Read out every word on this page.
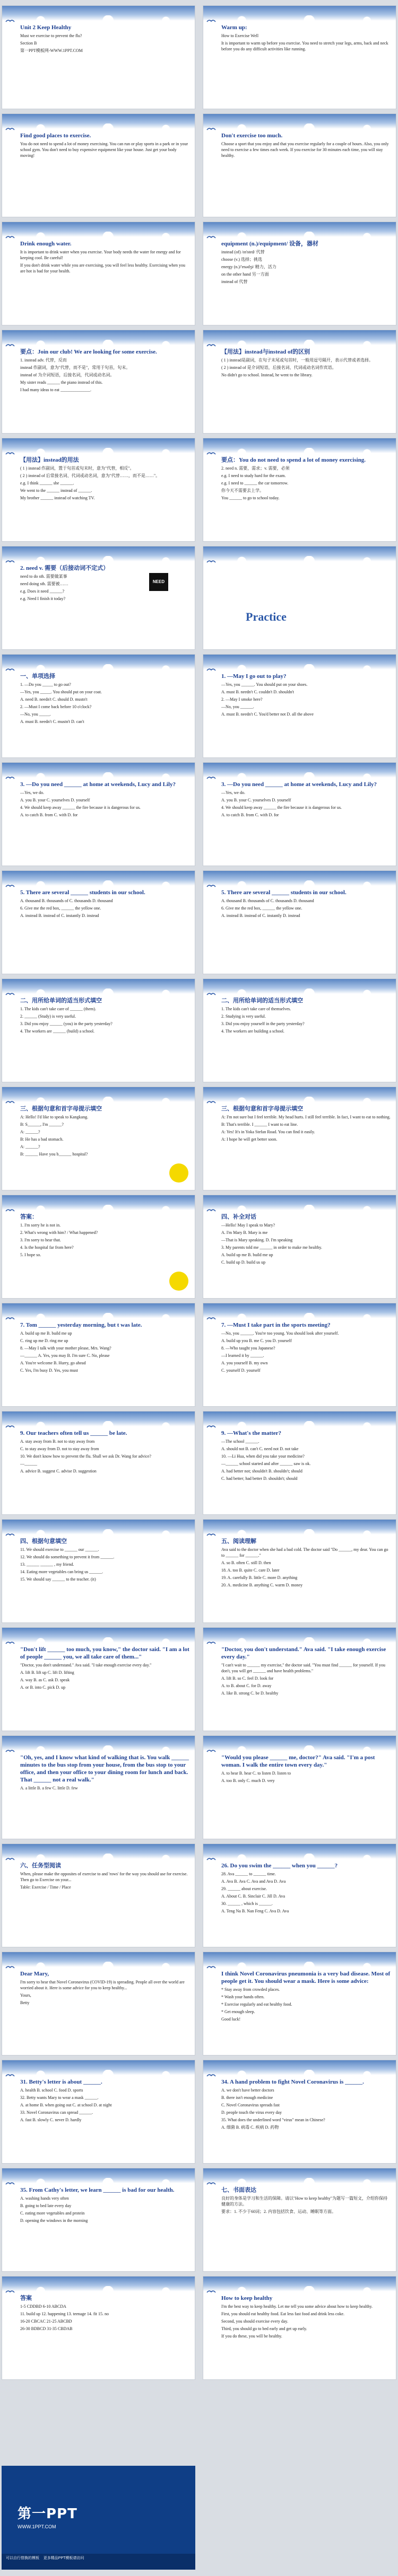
Unit 2 Keep Healthy

Must we exercise to prevent the flu?

Section B

第一PPT模板网-WWW.1PPT.COM

Warm up:

How to Exercise Well

It is important to warm up before you exercise. You need to stretch your legs, arms, back and neck before you do any difficult activities like running.

Find good places to exercise.

You do not need to spend a lot of money exercising. You can run or play sports in a park or in your school gym. You don't need to buy expensive equipment like your house. Just get your body moving!

Don't exercise too much.

Choose a sport that you enjoy and that you exercise regularly for a couple of hours. Also, you only need to exercise a few times each week. If you exercise for 30 minutes each time, you will stay healthy.

Drink enough water.

It is important to drink water when you exercise. Your body needs the water for energy and for keeping cool. Be careful!

If you don't drink water while you are exercising, you will feel less healthy. Exercising when you are hot is bad for your health.

equipment (n.)/equipment/ 设备，器材

instead (of) /ɪn'sted/ 代替

choose (v.) 选择；挑选

energy (n.)/'enədʒi/ 精力，活力

on the other hand 另一方面

instead of 代替

要点：Join our club! We are looking for some exercise.

1. instead adv. 代替，反而

instead 作副词，意为"代替，而不是"，常用于句首，句末。

instead of 为介词短语，后接名词，代词或动名词。

My sister reads ______ the piano instead of this.

I had many ideas to eat ______________.

【用法】instead与instead of的区别

( 1 ) instead是副词，在句子末尾或句首时，一般用逗号隔开，表示代替或者选择。

( 2 ) instead of 是介词短语，后接名词、代词或动名词作宾语。

No didn't go to school. Instead, he went to the library.

【用法】instead的用法

( 1 ) instead 作副词，置于句首或句末时，意为"代替，相反"。

( 2 ) instead of 后常接名词、代词或动名词，意为"代替……，而不是……"。

e.g. I think ______ she ______.

We went to the ______ instead of ______.

My brother ______ instead of watching TV.

要点：You do not need to spend a lot of money exercising.

2. need n. 需要，需求；v. 需要，必须

e.g. I need to study hard for the exam.

e.g. I need to ______ the car tomorrow.

你今天不需要去上学。

You ______ to go to school today.

2. need v. 需要（后接动词不定式）

need to do sth. 需要做某事

need doing sth. 需要被……

e.g. Does it need ______?

e.g. Need I finish it today?

NEED
Practice

一、单项选择

1. —Do you _____ to go out?

—Yes, you _____. You should put on your coat.

A. need B. needn't C. should D. mustn't

2. —Must I come back before 10 o'clock?

—No, you _____.

A. must B. needn't C. mustn't D. can't

1. —May I go out to play?

—Yes, you ______. You should put on your shoes.

A. must B. needn't C. couldn't D. shouldn't

2. —May I smoke here?

—No, you ______.

A. must B. needn't C. You'd better not D. all the above

3. —Do you need ______ at home at weekends, Lucy and Lily?

—Yes, we do.

A. you B. your C. yourselves D. yourself

4. We should keep away ______ the fire because it is dangerous for us.

A. to catch B. from C. with D. for

3. —Do you need ______ at home at weekends, Lucy and Lily?

—Yes, we do.

A. you B. your C. yourselves D. yourself

4. We should keep away ______ the fire because it is dangerous for us.

A. to catch B. from C. with D. for

5. There are several ______ students in our school.

A. thousand B. thousands of C. thousands D. thousand

6. Give me the red box, ______ the yellow one.

A. instead B. instead of C. instantly D. instead

5. There are several ______ students in our school.

A. thousand B. thousands of C. thousands D. thousand

6. Give me the red box, ______ the yellow one.

A. instead B. instead of C. instantly D. instead

二、用所给单词的适当形式填空

1. The kids can't take care of ______ (them).

2. ______ (Study) is very useful.

3. Did you enjoy ______ (you) in the party yesterday?

4. The workers are ______ (build) a school.

二、用所给单词的适当形式填空

1. The kids can't take care of themselves.

2. Studying is very useful.

3. Did you enjoy yourself in the party yesterday?

4. The workers are building a school.

三、根据句意和首字母提示填空

A: Hello! I'd like to speak to Kangkang.

B: S______, I'm ______?

A: ______?

B: He has a bad stomach.

A: ______?

B: ______ Have you b______ hospital?

三、根据句意和首字母提示填空

A: I'm not sure but I feel terrible. My head hurts. I still feel terrible. In fact, I want to eat to nothing.

B: That's terrible. I ______ I want to eat line.

A: Yes! It's in Yoka Stefan Road. You can find it easily.

A: I hope he will get better soon.

答案：

1. I'm sorry he is not in.

2. What's wrong with him? / What happened?

3. I'm sorry to hear that.

4. Is the hospital far from here?

5. I hope so.

四、补全对话

—Hello! May I speak to Mary?

A. I'm Mary B. Mary is me

—That is Mary speaking. D. I'm speaking

3. My parents told me ______ in order to make me healthy.

A. build up me B. build me up

C. build up D. build us up

7. Tom ______ yesterday morning, but t was late.

A. build up me B. build me up

C. ring up me D. ring me up

8. —May I talk with your mother please, Mrs. Wang?

—______ A. Yes, you may B. I'm sure C. No, please

A. You're welcome B. Hurry, go ahead

C. Yes, I'm busy D. Yes, you must

7. —Must I take part in the sports meeting?

—No, you ______. You're too young. You should look after yourself.

A. build up you B. me C. you D. yourself

8. —Who taught you Japanese?

—I learned it by ______.

A. you yourself B. my own

C. yourself D. yourself

9. Our teachers often tell us ______ be late.

A. stay away from B. not to stay away from

C. to stay away from D. not to stay away from

10. We don't know how to prevent the flu. Shall we ask Dr. Wang for advice?

—______

A. advice B. suggest C. advise D. suggestion

9. —What's the matter?

—The school ______.

A. should not B. can't C. need not D. not take

10. —Li Hua, when did you take your medicine?

—______ school started and after ______ saw is ok.

A. had better not; shouldn't B. shouldn't; should

C. had better; had better D. shouldn't; should

四、根据句意填空

11. We should exercise to ______ our ______.

12. We should do something to prevent it from ______.

13. ______ ______ , my friend.

14. Eating more vegetables can bring us ______.

15. We should say ______ to the teacher. (it)

五、阅读理解

Ava said to the doctor when she had a bad cold. The doctor said "Do ______, my dear. You can go to ______ for ______."

A. so B. often C. still D. then

18. A. too B. quite C. care D. later

19. A. carefully B. little C. more D. anything

20. A. medicine B. anything C. warm D. money

"Don't lift ______ too much, you know," the doctor said. "I am a lot of people ______ you, we all take care of them..."

"Doctor, you don't understand." Ava said. "I take enough exercise every day."

A. lift B. lift up C. lift D. lifting

A. way B. as C. ask D. speak

A. or B. into C. pick D. up

"Doctor, you don't understand." Ava said. "I take enough exercise every day."

"I can't wait to ______ my exercise," the doctor said. "You must find ______ for yourself. If you don't, you will get ______ and have health problems."

A. lift B. so C. feel D. look for

A. to B. about C. for D. away

A. like B. strong C. be D. healthy

"Oh, yes, and I know what kind of walking that is. You walk ______ minutes to the bus stop from your house, from the bus stop to your office, and then your office to your dining room for lunch and back. That ______ not a real walk."

A. a little B. a few C. little D. few

"Would you please ______ me, doctor?" Ava said. "I'm a post woman. I walk the entire town every day."

A. to hear B. hear C. to listen D. listen to

A. too B. only C. much D. very

六、任务型阅读

When, please make the opposites of exercise to and 'rows' for the way you should use for exercise. Then go to Exercise on your...

Table: Exercise / Time / Place

26. Do you swim the ______ when you ______?

28. Ava ______ to ______ time.

A. Ava B. Ava C. Ava and Ava D. Ava

29. ______ about exercise.

A. About C. B. Sinclair C. Jill D. Ava

30. ______ , which is ______.

A. Teng Na B. Nan Feng C. Ava D. Ava

Dear Mary,

I'm sorry to hear that Novel Coronavirus (COVID-19) is spreading. People all over the world are worried about it. Here is some advice for you to keep healthy...

Yours,

Betty

I think Novel Coronavirus pneumonia is a very bad disease. Most of people get it. You should wear a mask. Here is some advice:

* Stay away from crowded places.

* Wash your hands often.

* Exercise regularly and eat healthy food.

* Get enough sleep.

Good luck!

31. Betty's letter is about ______.

A. health B. school C. food D. sports

32. Betty wants Mary to wear a mask ______.

A. at home B. when going out C. at school D. at night

33. Novel Coronavirus can spread ______.

A. fast B. slowly C. never D. hardly

34. A hand problem to fight Novel Coronavirus is ______.

A. we don't have better doctors

B. there isn't enough medicine

C. Novel Coronavirus spreads fast

D. people touch the virus every day

35. What does the underlined word "virus" mean in Chinese?

A. 细菌 B. 病毒 C. 疾病 D. 药物

35. From Cathy's letter, we learn ______ is bad for our health.

A. washing hands very often

B. going to bed late every day

C. eating more vegetables and protein

D. opening the windows in the morning

七、书面表达

良好的身体是学习和生活的保障。请以"How to keep healthy"为题写一篇短文，介绍你保持健康的方法。

要求：1. 不少于60词；2. 内容包括饮食、运动、睡眠等方面。

答案

1-5 CDDBD 6-10 ABCDA

11. build up 12. happening 13. teenage 14. fit 15. no

16-20 CBCAC 21-25 ABCBD

26-30 BDBCD 31-35 CBDAB

How to keep healthy

I'm the best way to keep healthy. Let me tell you some advice about how to keep healthy.

First, you should eat healthy food. Eat less fast food and drink less coke.

Second, you should exercise every day.

Third, you should go to bed early and get up early.

If you do these, you will be healthy.

第一PPT
WWW.1PPT.COM
可以自行替换的模板 更多精品PPT模板请访问
